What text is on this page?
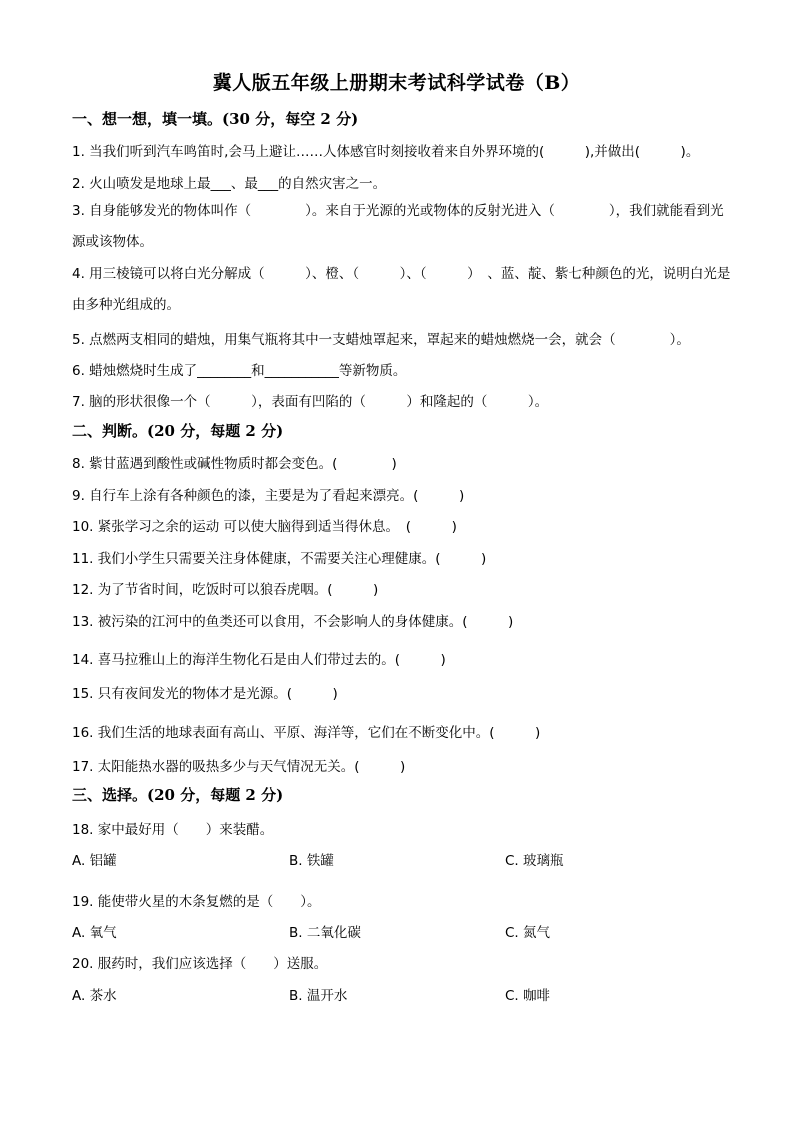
冀人版五年级上册期末考试科学试卷（B）
一、想一想，填一填。(30 分，每空 2 分)
1. 当我们听到汽车鸣笛时,会马上避让……人体感官时刻接收着来自外界环境的(　　　),并做出(　　　)。
2. 火山喷发是地球上最___、最___的自然灾害之一。
3. 自身能够发光的物体叫作（　　　　）。来自于光源的光或物体的反射光进入（　　　　），我们就能看到光源或该物体。
4. 用三棱镜可以将白光分解成（　　　）、橙、（　　　）、（　　　）　、蓝、靛、紫七种颜色的光，说明白光是由多种光组成的。
5. 点燃两支相同的蜡烛，用集气瓶将其中一支蜡烛罩起来，罩起来的蜡烛燃烧一会，就会（　　　　）。
6. 蜡烛燃烧时生成了________和___________等新物质。
7. 脑的形状很像一个（　　　），表面有凹陷的（　　　）和隆起的（　　　）。
二、判断。(20 分，每题 2 分)
8. 紫甘蓝遇到酸性或碱性物质时都会变色。(　　　　)
9. 自行车上涂有各种颜色的漆，主要是为了看起来漂亮。(　　　)
10. 紧张学习之余的运动 可以使大脑得到适当得休息。　(　　　)
11. 我们小学生只需要关注身体健康，不需要关注心理健康。(　　　)
12. 为了节省时间，吃饭时可以狼吞虎咽。(　　　)
13. 被污染的江河中的鱼类还可以食用，不会影响人的身体健康。(　　　)
14. 喜马拉雅山上的海洋生物化石是由人们带过去的。(　　　)
15. 只有夜间发光的物体才是光源。(　　　)
16. 我们生活的地球表面有高山、平原、海洋等，它们在不断变化中。(　　　)
17. 太阳能热水器的吸热多少与天气情况无关。(　　　)
三、选择。(20 分，每题 2 分)
18. 家中最好用（　　）来装醋。
A. 铝罐	B. 铁罐	C. 玻璃瓶
19. 能使带火星的木条复燃的是（　　）。
A. 氧气	B. 二氧化碳	C. 氮气
20. 服药时，我们应该选择（　　）送服。
A. 茶水	B. 温开水	C. 咖啡
